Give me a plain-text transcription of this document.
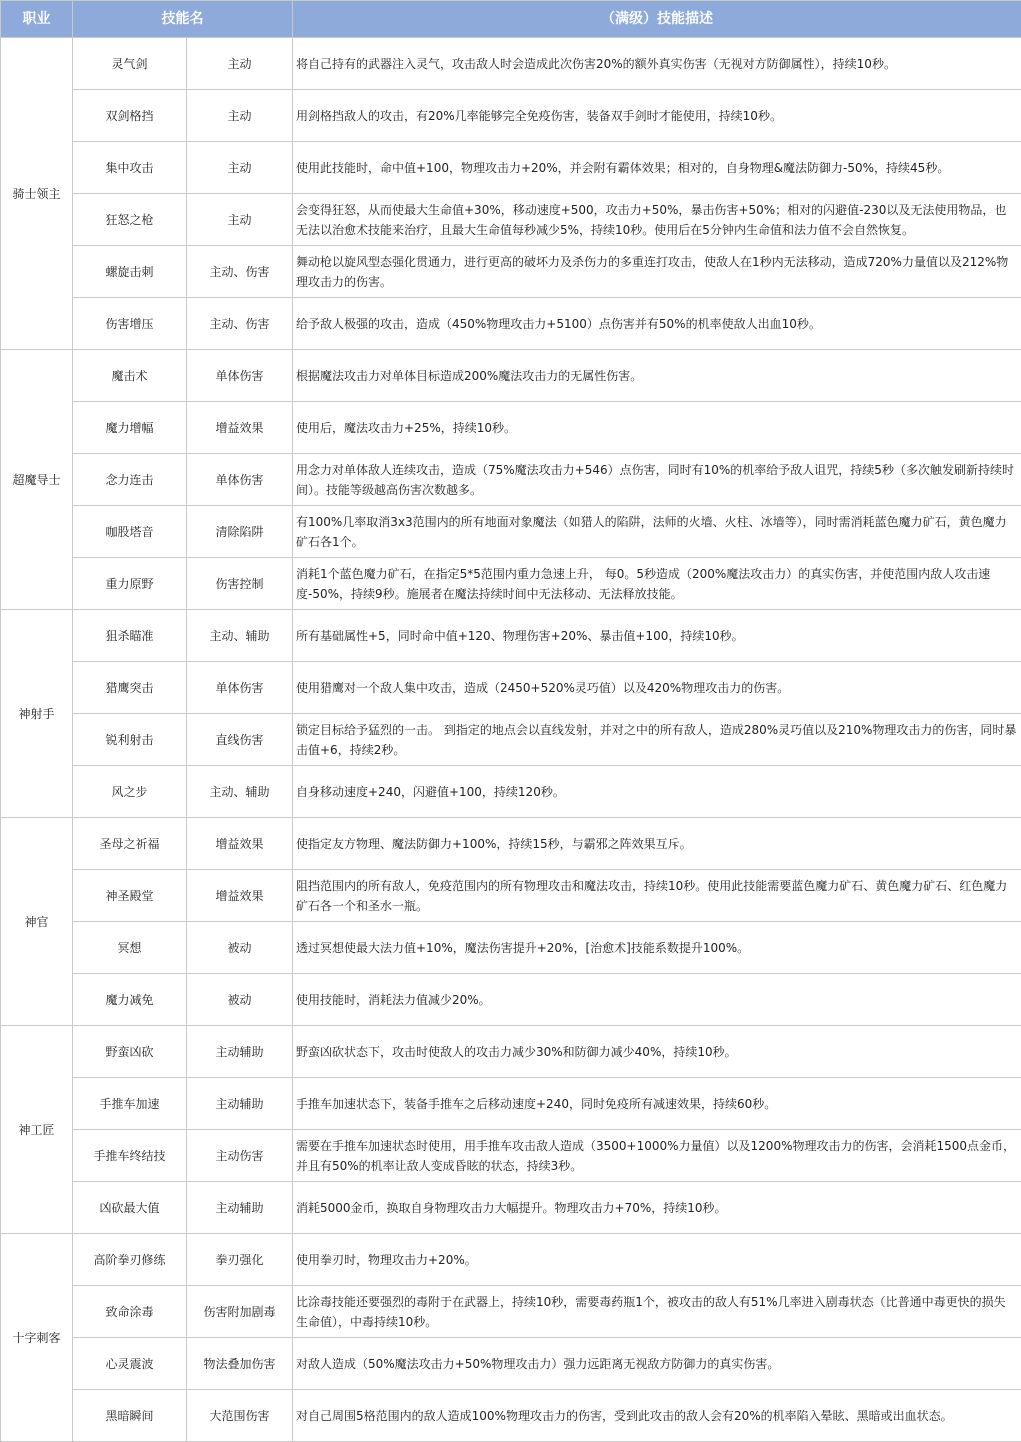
职业	技能名		（满级）技能描述
骑士领主	灵气剑	主动	将自己持有的武器注入灵气，攻击敌人时会造成此次伤害20%的额外真实伤害（无视对方防御属性），持续10秒。
	双剑格挡	主动	用剑格挡敌人的攻击，有20%几率能够完全免疫伤害，装备双手剑时才能使用，持续10秒。
	集中攻击	主动	使用此技能时，命中值+100，物理攻击力+20%，并会附有霸体效果；相对的，自身物理&魔法防御力-50%，持续45秒。
	狂怒之枪	主动	会变得狂怒，从而使最大生命值+30%，移动速度+500，攻击力+50%，暴击伤害+50%；相对的闪避值-230以及无法使用物品，也无法以治愈术技能来治疗，且最大生命值每秒减少5%，持续10秒。使用后在5分钟内生命值和法力值不会自然恢复。
	螺旋击刺	主动、伤害	舞动枪以旋风型态强化贯通力，进行更高的破坏力及杀伤力的多重连打攻击，使敌人在1秒内无法移动，造成720%力量值以及212%物理攻击力的伤害。
	伤害增压	主动、伤害	给予敌人极强的攻击，造成（450%物理攻击力+5100）点伤害并有50%的机率使敌人出血10秒。
超魔导士	魔击术	单体伤害	根据魔法攻击力对单体目标造成200%魔法攻击力的无属性伤害。
	魔力增幅	增益效果	使用后，魔法攻击力+25%，持续10秒。
	念力连击	单体伤害	用念力对单体敌人连续攻击，造成（75%魔法攻击力+546）点伤害，同时有10%的机率给予敌人诅咒，持续5秒（多次触发刷新持续时间）。技能等级越高伤害次数越多。
	咖股塔音	清除陷阱	有100%几率取消3x3范围内的所有地面对象魔法（如猎人的陷阱，法师的火墙、火柱、冰墙等），同时需消耗蓝色魔力矿石，黄色魔力矿石各1个。
	重力原野	伤害控制	消耗1个蓝色魔力矿石，在指定5*5范围内重力急速上升， 每0。5秒造成（200%魔法攻击力）的真实伤害，并使范围内敌人攻击速度-50%，持续9秒。施展者在魔法持续时间中无法移动、无法释放技能。
神射手	狙杀瞄准	主动、辅助	所有基础属性+5，同时命中值+120、物理伤害+20%、暴击值+100，持续10秒。
	猎鹰突击	单体伤害	使用猎鹰对一个敌人集中攻击，造成（2450+520%灵巧值）以及420%物理攻击力的伤害。
	锐利射击	直线伤害	锁定目标给予猛烈的一击。 到指定的地点会以直线发射，并对之中的所有敌人，造成280%灵巧值以及210%物理攻击力的伤害，同时暴击值+6，持续2秒。
	风之步	主动、辅助	自身移动速度+240，闪避值+100，持续120秒。
神官	圣母之祈福	增益效果	使指定友方物理、魔法防御力+100%，持续15秒，与霸邪之阵效果互斥。
	神圣殿堂	增益效果	阻挡范围内的所有敌人，免疫范围内的所有物理攻击和魔法攻击，持续10秒。使用此技能需要蓝色魔力矿石、黄色魔力矿石、红色魔力矿石各一个和圣水一瓶。
	冥想	被动	透过冥想使最大法力值+10%，魔法伤害提升+20%，[治愈术]技能系数提升100%。
	魔力减免	被动	使用技能时，消耗法力值减少20%。
神工匠	野蛮凶砍	主动辅助	野蛮凶砍状态下，攻击时使敌人的攻击力减少30%和防御力减少40%，持续10秒。
	手推车加速	主动辅助	手推车加速状态下，装备手推车之后移动速度+240，同时免疫所有减速效果，持续60秒。
	手推车终结技	主动伤害	需要在手推车加速状态时使用，用手推车攻击敌人造成（3500+1000%力量值）以及1200%物理攻击力的伤害，会消耗1500点金币，并且有50%的机率让敌人变成昏眩的状态，持续3秒。
	凶砍最大值	主动辅助	消耗5000金币，换取自身物理攻击力大幅提升。物理攻击力+70%，持续10秒。
十字刺客	高阶拳刃修练	拳刃强化	使用拳刃时，物理攻击力+20%。
	致命涂毒	伤害附加剧毒	比涂毒技能还要强烈的毒附于在武器上，持续10秒，需要毒药瓶1个，被攻击的敌人有51%几率进入剧毒状态（比普通中毒更快的损失生命值），中毒持续10秒。
	心灵震波	物法叠加伤害	对敌人造成（50%魔法攻击力+50%物理攻击力）强力远距离无视敌方防御力的真实伤害。
	黑暗瞬间	大范围伤害	对自己周围5格范围内的敌人造成100%物理攻击力的伤害，受到此攻击的敌人会有20%的机率陷入晕眩、黑暗或出血状态。
